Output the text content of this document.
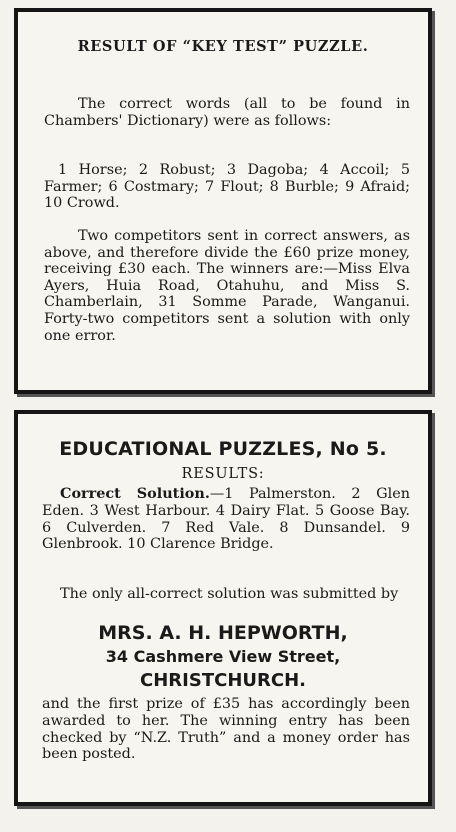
RESULT OF “KEY TEST” PUZZLE.

The correct words (all to be found in Chambers' Dictionary) were as follows:

1 Horse; 2 Robust; 3 Dagoba; 4 Accoil; 5 Farmer; 6 Costmary; 7 Flout; 8 Burble; 9 Afraid; 10 Crowd.

Two competitors sent in correct answers, as above, and therefore divide the £60 prize money, receiving £30 each. The winners are:—Miss Elva Ayers, Huia Road, Otahuhu, and Miss S. Chamberlain, 31 Somme Parade, Wanganui. Forty-two competitors sent a solution with only one error.

EDUCATIONAL PUZZLES, No 5.
RESULTS:

Correct Solution.—1 Palmerston. 2 Glen Eden. 3 West Harbour. 4 Dairy Flat. 5 Goose Bay. 6 Culverden. 7 Red Vale. 8 Dunsandel. 9 Glenbrook. 10 Clarence Bridge.

The only all-correct solution was submitted by

MRS. A. H. HEPWORTH,
34 Cashmere View Street,
CHRISTCHURCH.

and the first prize of £35 has accordingly been awarded to her. The winning entry has been checked by “N.Z. Truth” and a money order has been posted.
